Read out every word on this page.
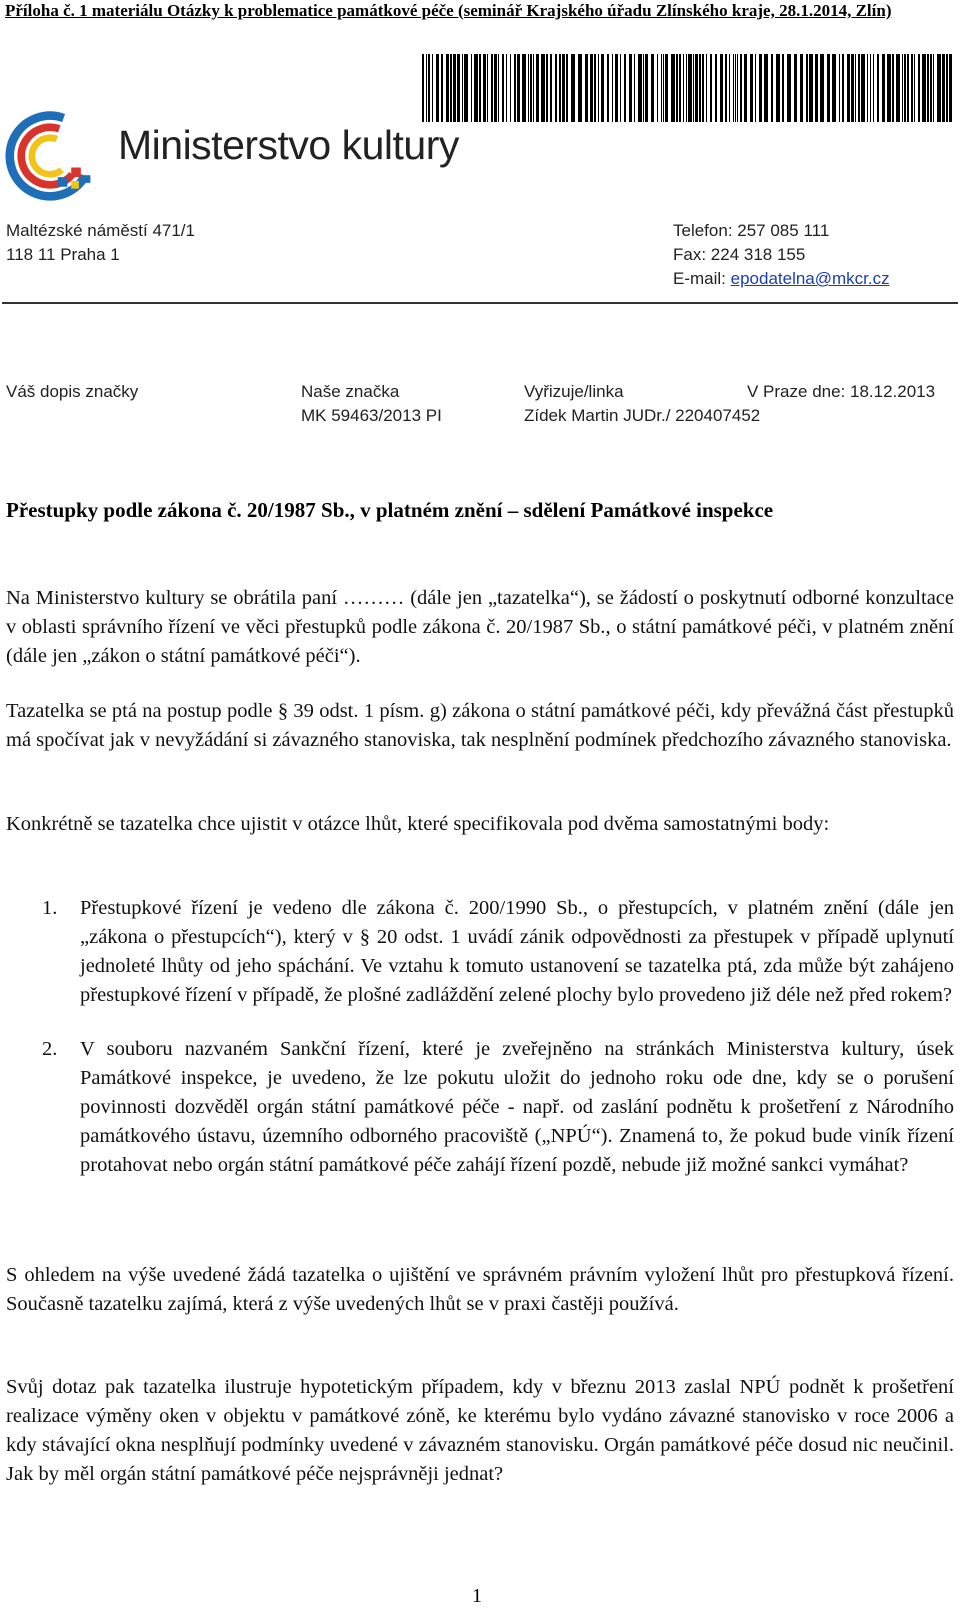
Příloha č. 1 materiálu Otázky k problematice památkové péče (seminář Krajského úřadu Zlínského kraje, 28.1.2014, Zlín)
Ministerstvo kultury
Maltézské náměstí 471/1
118 11 Praha 1
Telefon: 257 085 111
Fax: 224 318 155
E-mail: epodatelna@mkcr.cz
Váš dopis značky	Naše značka
MK 59463/2013 PI
Vyřizuje/linka
Zídek Martin JUDr./ 220407452
V Praze dne: 18.12.2013
Přestupky podle zákona č. 20/1987 Sb., v platném znění – sdělení Památkové inspekce
Na Ministerstvo kultury se obrátila paní ……… (dále jen „tazatelka“), se žádostí o poskytnutí odborné konzultace v oblasti správního řízení ve věci přestupků podle zákona č. 20/1987 Sb., o státní památkové péči, v platném znění (dále jen „zákon o státní památkové péči“).
Tazatelka se ptá na postup podle § 39 odst. 1 písm. g) zákona o státní památkové péči, kdy převážná část přestupků má spočívat jak v nevyžádání si závazného stanoviska, tak nesplnění podmínek předchozího závazného stanoviska.
Konkrétně se tazatelka chce ujistit v otázce lhůt, které specifikovala pod dvěma samostatnými body:
1. Přestupkové řízení je vedeno dle zákona č. 200/1990 Sb., o přestupcích, v platném znění (dále jen „zákona o přestupcích“), který v § 20 odst. 1 uvádí zánik odpovědnosti za přestupek v případě uplynutí jednoleté lhůty od jeho spáchání. Ve vztahu k tomuto ustanovení se tazatelka ptá, zda může být zahájeno přestupkové řízení v případě, že plošné zadláždění zelené plochy bylo provedeno již déle než před rokem?
2. V souboru nazvaném Sankční řízení, které je zveřejněno na stránkách Ministerstva kultury, úsek Památkové inspekce, je uvedeno, že lze pokutu uložit do jednoho roku ode dne, kdy se o porušení povinnosti dozvěděl orgán státní památkové péče - např. od zaslání podnětu k prošetření z Národního památkového ústavu, územního odborného pracoviště („NPÚ“). Znamená to, že pokud bude viník řízení protahovat nebo orgán státní památkové péče zahájí řízení pozdě, nebude již možné sankci vymáhat?
S ohledem na výše uvedené žádá tazatelka o ujištění ve správném právním vyložení lhůt pro přestupková řízení. Současně tazatelku zajímá, která z výše uvedených lhůt se v praxi častěji používá.
Svůj dotaz pak tazatelka ilustruje hypotetickým případem, kdy v březnu 2013 zaslal NPÚ podnět k prošetření realizace výměny oken v objektu v památkové zóně, ke kterému bylo vydáno závazné stanovisko v roce 2006 a kdy stávající okna nesplňují podmínky uvedené v závazném stanovisku. Orgán památkové péče dosud nic neučinil. Jak by měl orgán státní památkové péče nejsprávněji jednat?
1
